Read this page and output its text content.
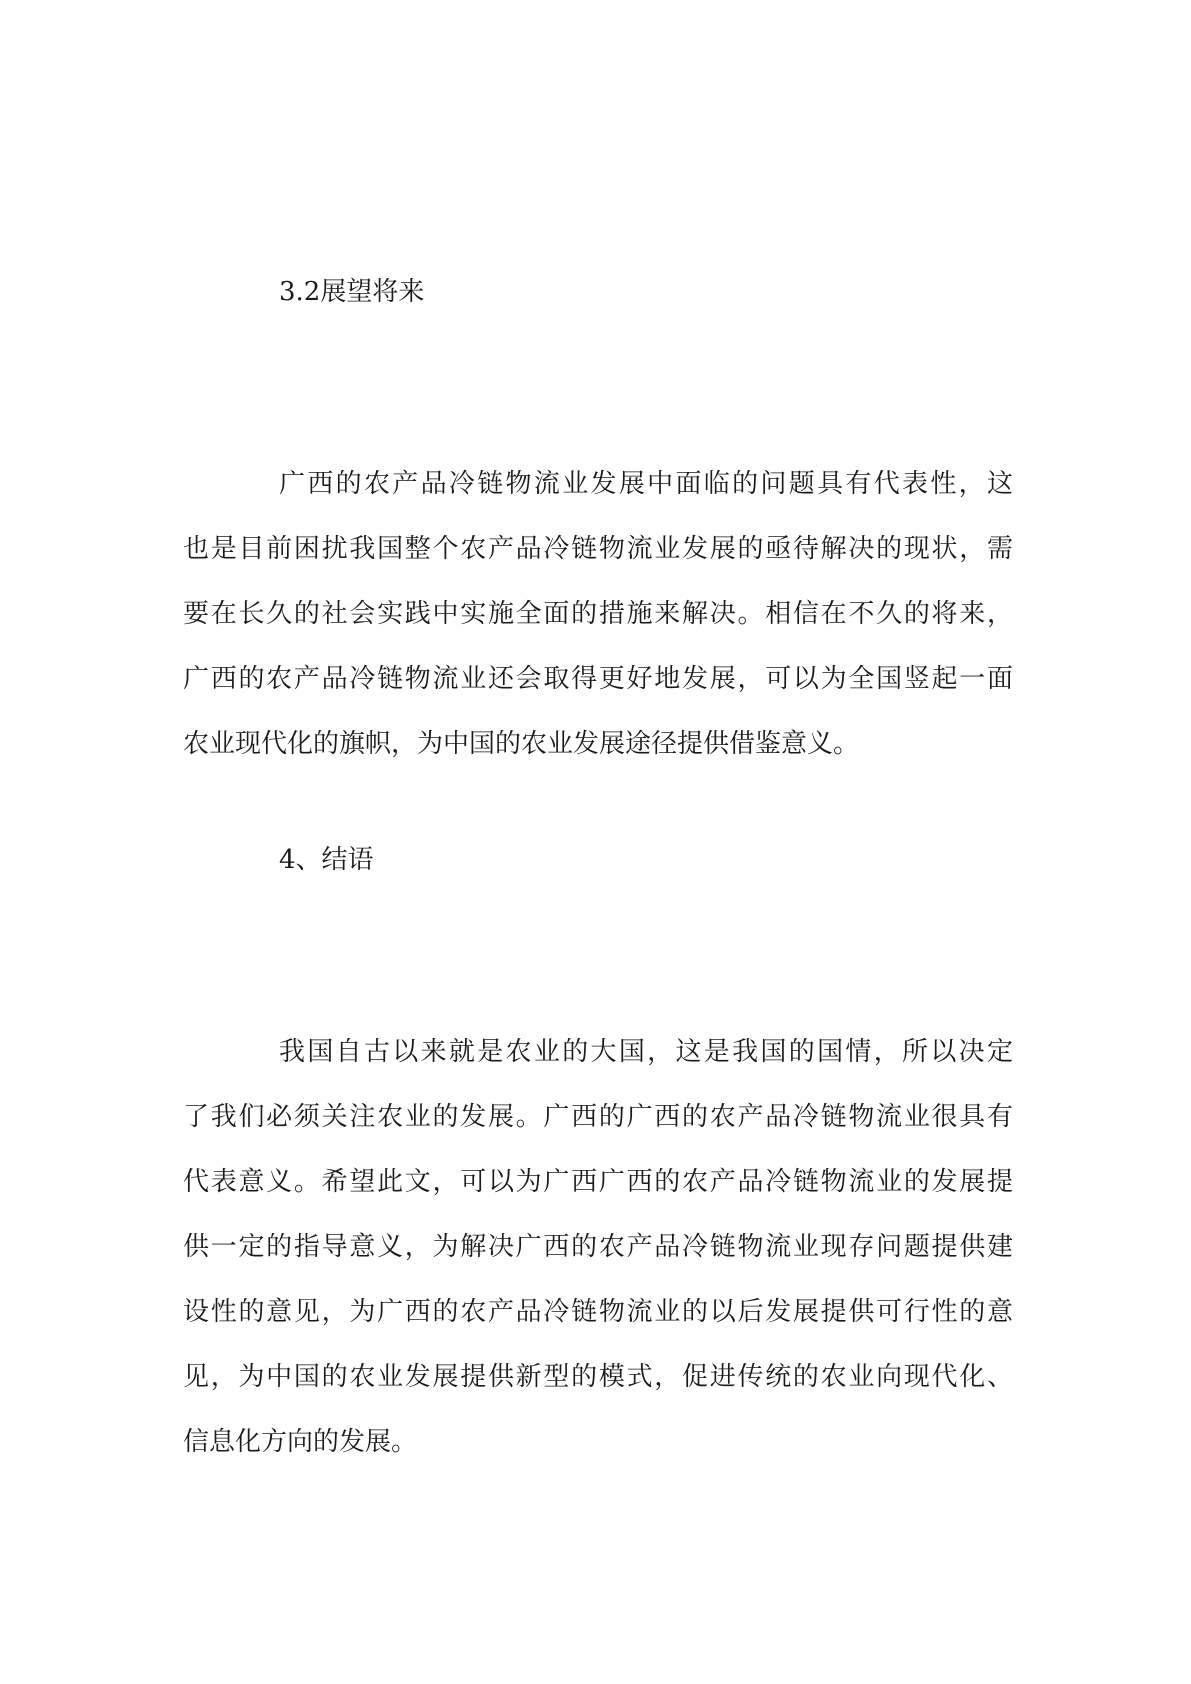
3.2展望将来
广西的农产品冷链物流业发展中面临的问题具有代表性，这
也是目前困扰我国整个农产品冷链物流业发展的亟待解决的现状，需
要在长久的社会实践中实施全面的措施来解决。相信在不久的将来，
广西的农产品冷链物流业还会取得更好地发展，可以为全国竖起一面
农业现代化的旗帜，为中国的农业发展途径提供借鉴意义。
4、结语
我国自古以来就是农业的大国，这是我国的国情，所以决定
了我们必须关注农业的发展。广西的广西的农产品冷链物流业很具有
代表意义。希望此文，可以为广西广西的农产品冷链物流业的发展提
供一定的指导意义，为解决广西的农产品冷链物流业现存问题提供建
设性的意见，为广西的农产品冷链物流业的以后发展提供可行性的意
见，为中国的农业发展提供新型的模式，促进传统的农业向现代化、
信息化方向的发展。
